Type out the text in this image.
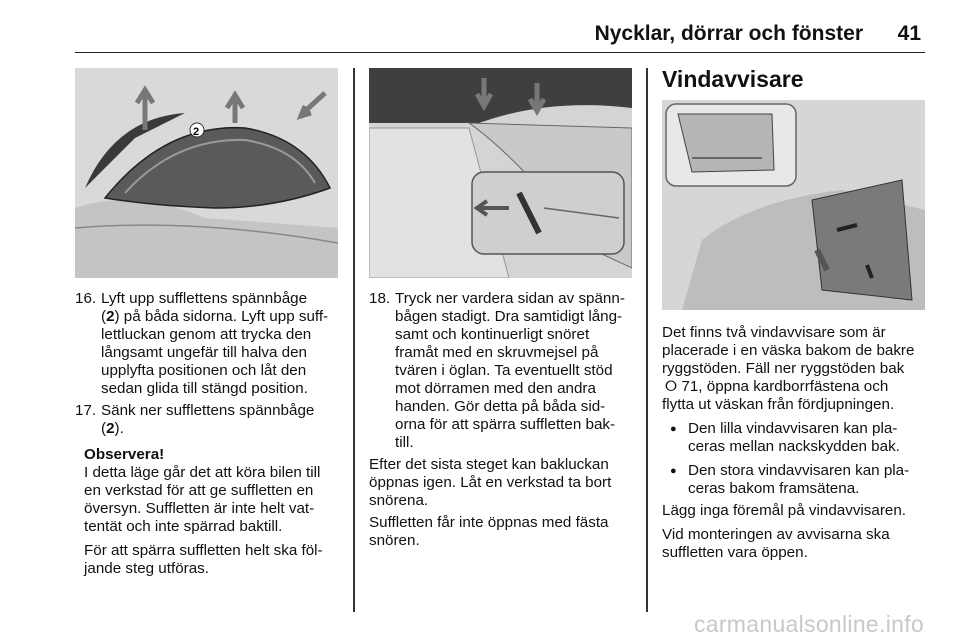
Nycklar, dörrar och fönster 41
2
16. Lyft upp sufflettens spännbåge
(2) på båda sidorna. Lyft upp suff-
lettluckan genom att trycka den
långsamt ungefär till halva den
upplyfta positionen och låt den
sedan glida till stängd position.
17. Sänk ner sufflettens spännbåge
(2).
Observera!
I detta läge går det att köra bilen till
en verkstad för att ge suffletten en
översyn. Suffletten är inte helt vat-
tentät och inte spärrad baktill.
För att spärra suffletten helt ska föl-
jande steg utföras.
18. Tryck ner vardera sidan av spänn-
bågen stadigt. Dra samtidigt lång-
samt och kontinuerligt snöret
framåt med en skruvmejsel på
tvären i öglan. Ta eventuellt stöd
mot dörramen med den andra
handen. Gör detta på båda sid-
orna för att spärra suffletten bak-
till.
Efter det sista steget kan bakluckan
öppnas igen. Låt en verkstad ta bort
snörena.
Suffletten får inte öppnas med fästa
snören.
Vindavvisare
Det finns två vindavvisare som är
placerade i en väska bakom de bakre
ryggstöden. Fäll ner ryggstöden bak
 ⭘ 71, öppna kardborrfästena och
flytta ut väskan från fördjupningen.
● Den lilla vindavvisaren kan pla-
ceras mellan nackskydden bak.
● Den stora vindavvisaren kan pla-
ceras bakom framsätena.
Lägg inga föremål på vindavvisaren.
Vid monteringen av avvisarna ska
suffletten vara öppen.
carmanualsonline.info
